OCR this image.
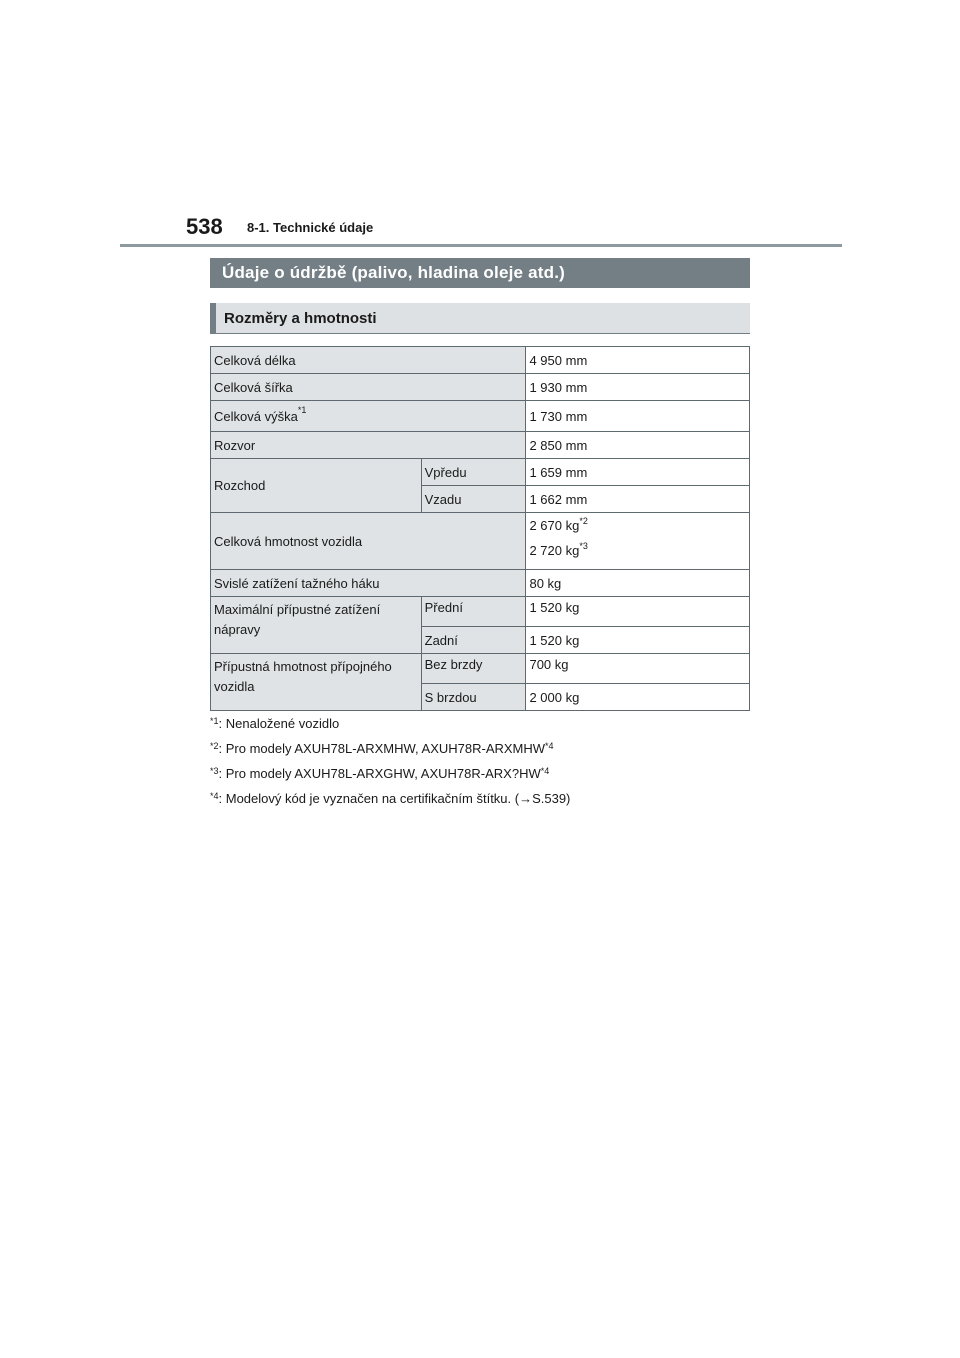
538 8-1. Technické údaje
Údaje o údržbě (palivo, hladina oleje atd.)
Rozměry a hmotnosti
Celková délka		4 950 mm
Celková šířka		1 930 mm
Celková výška$^{*1}$		1 730 mm
Rozvor		2 850 mm
Rozchod	Vpředu	1 659 mm
	Vzadu	1 662 mm
Celková hmotnost vozidla		2 670 $kg^{*2}$
2 720 $kg^{*3}$

Svislé zatížení tažného háku		80 kg
Maximální přípustné zatížení nápravy	Přední	1 520 kg
	Zadní	1 520 kg
Přípustná hmotnost přípojného vozidla	Bez brzdy	700 kg
	S brzdou	2 000 kg
$^{*1}$: Nenaložené vozidlo
$^{*2}$: Pro modely AXUH78L-ARXMHW, AXUH78R-ARXMHW$^{*4}$
$^{*3}$: Pro modely AXUH78L-ARXGHW, AXUH78R-ARX?HW$^{*4}$
$^{*4}$: Modelový kód je vyznačen na certifikačním štítku. (→S.539)
